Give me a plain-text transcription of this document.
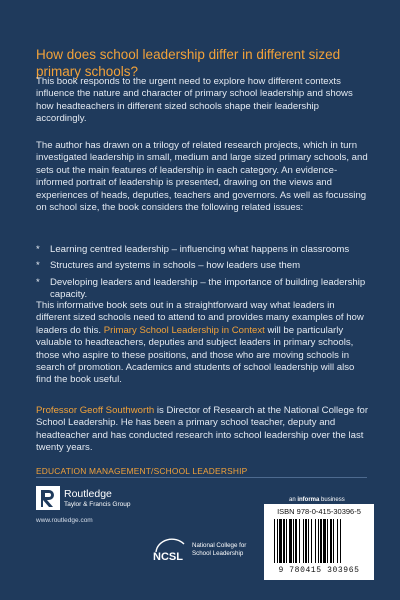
How does school leadership differ in different sized primary schools?
This book responds to the urgent need to explore how different contexts influence the nature and character of primary school leadership and shows how headteachers in different sized schools shape their leadership accordingly.
The author has drawn on a trilogy of related research projects, which in turn investigated leadership in small, medium and large sized primary schools, and sets out the main features of leadership in each category. An evidence-informed portrait of leadership is presented, drawing on the views and experiences of heads, deputies, teachers and governors. As well as focussing on school size, the book considers the following related issues:
*	Learning centred leadership – influencing what happens in classrooms
*	Structures and systems in schools – how leaders use them
*	Developing leaders and leadership – the importance of building leadership capacity.
This informative book sets out in a straightforward way what leaders in different sized schools need to attend to and provides many examples of how leaders do this. Primary School Leadership in Context will be particularly valuable to headteachers, deputies and subject leaders in primary schools, those who aspire to these positions, and those who are moving schools in search of promotion. Academics and students of school leadership will also find the book useful.
Professor Geoff Southworth is Director of Research at the National College for School Leadership. He has been a primary school teacher, deputy and headteacher and has conducted research into school leadership over the last twenty years.
EDUCATION MANAGEMENT/SCHOOL LEADERSHIP
Routledge
Taylor & Francis Group
www.routledge.com
an informa business
ISBN 978-0-415-30396-5
9 780415 303965
NCSL
National College for School Leadership
